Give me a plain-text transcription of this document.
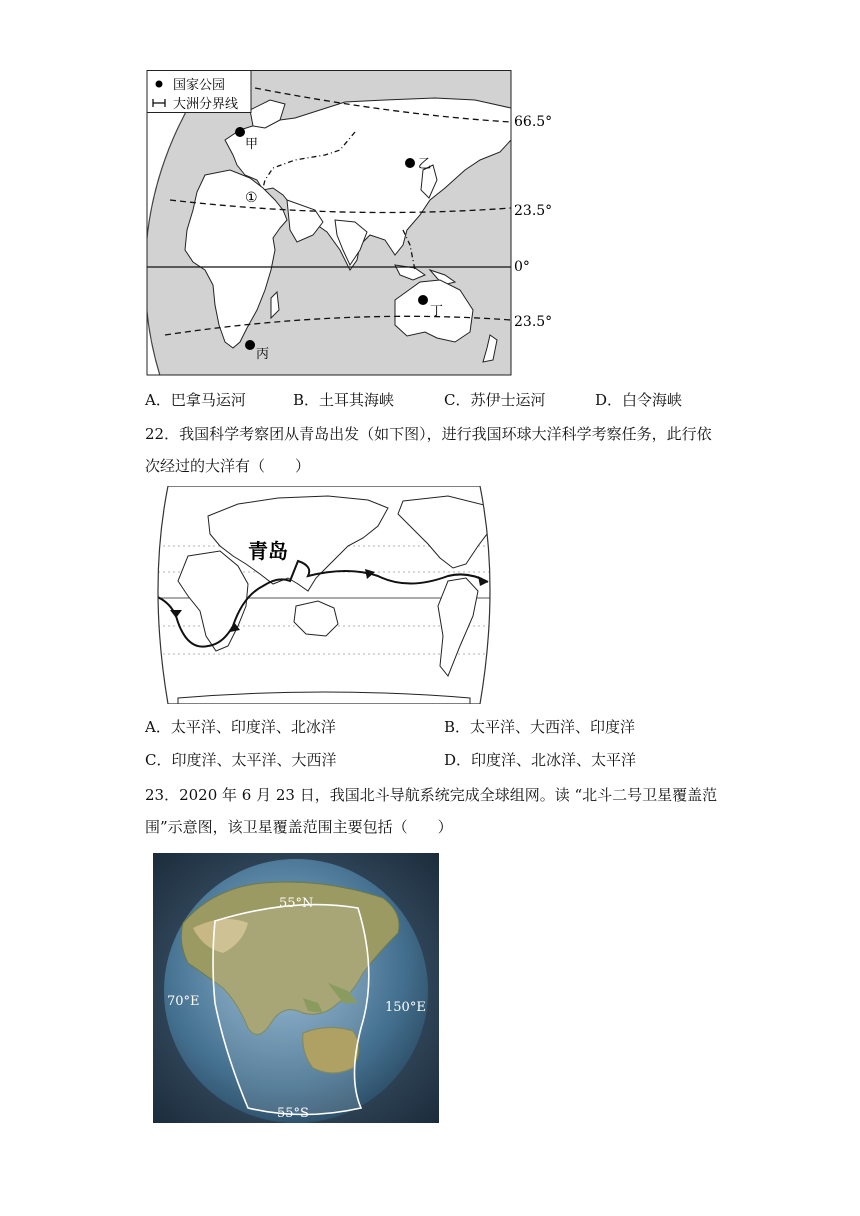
国家公园
大洲分界线
甲
乙
丙
丁
①
66.5°
23.5°
0°
23.5°
A．巴拿马运河	B．土耳其海峡	C．苏伊士运河	D．白令海峡
22．我国科学考察团从青岛出发（如下图），进行我国环球大洋科学考察任务，此行依
次经过的大洋有（　　）
青岛
A．太平洋、印度洋、北冰洋	B．太平洋、大西洋、印度洋
C．印度洋、太平洋、大西洋	D．印度洋、北冰洋、太平洋
23．2020 年 6 月 23 日，我国北斗导航系统完成全球组网。读 “北斗二号卫星覆盖范
围”示意图，该卫星覆盖范围主要包括（　　）
55°N
70°E	150°E
55°S
